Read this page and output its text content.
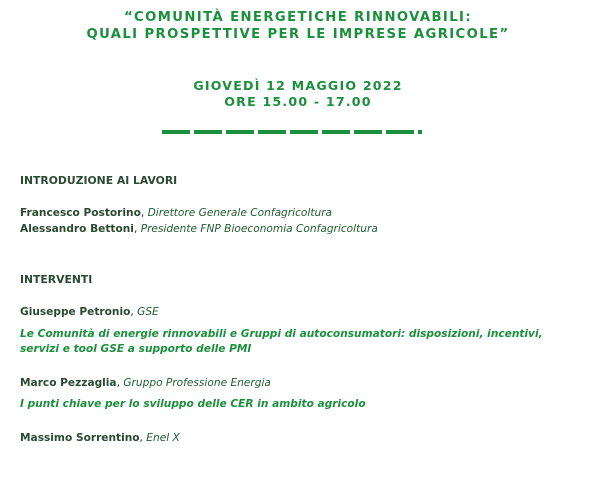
“COMUNITÀ ENERGETICHE RINNOVABILI:
QUALI PROSPETTIVE PER LE IMPRESE AGRICOLE”
GIOVEDÌ 12 MAGGIO 2022
ORE 15.00 - 17.00

INTRODUZIONE AI LAVORI

Francesco Postorino, Direttore Generale Confagricoltura

Alessandro Bettoni, Presidente FNP Bioeconomia Confagricoltura

INTERVENTI

Giuseppe Petronio, GSE

Le Comunità di energie rinnovabili e Gruppi di autoconsumatori: disposizioni, incentivi,

servizi e tool GSE a supporto delle PMI

Marco Pezzaglia, Gruppo Professione Energia

I punti chiave per lo sviluppo delle CER in ambito agricolo

Massimo Sorrentino, Enel X
